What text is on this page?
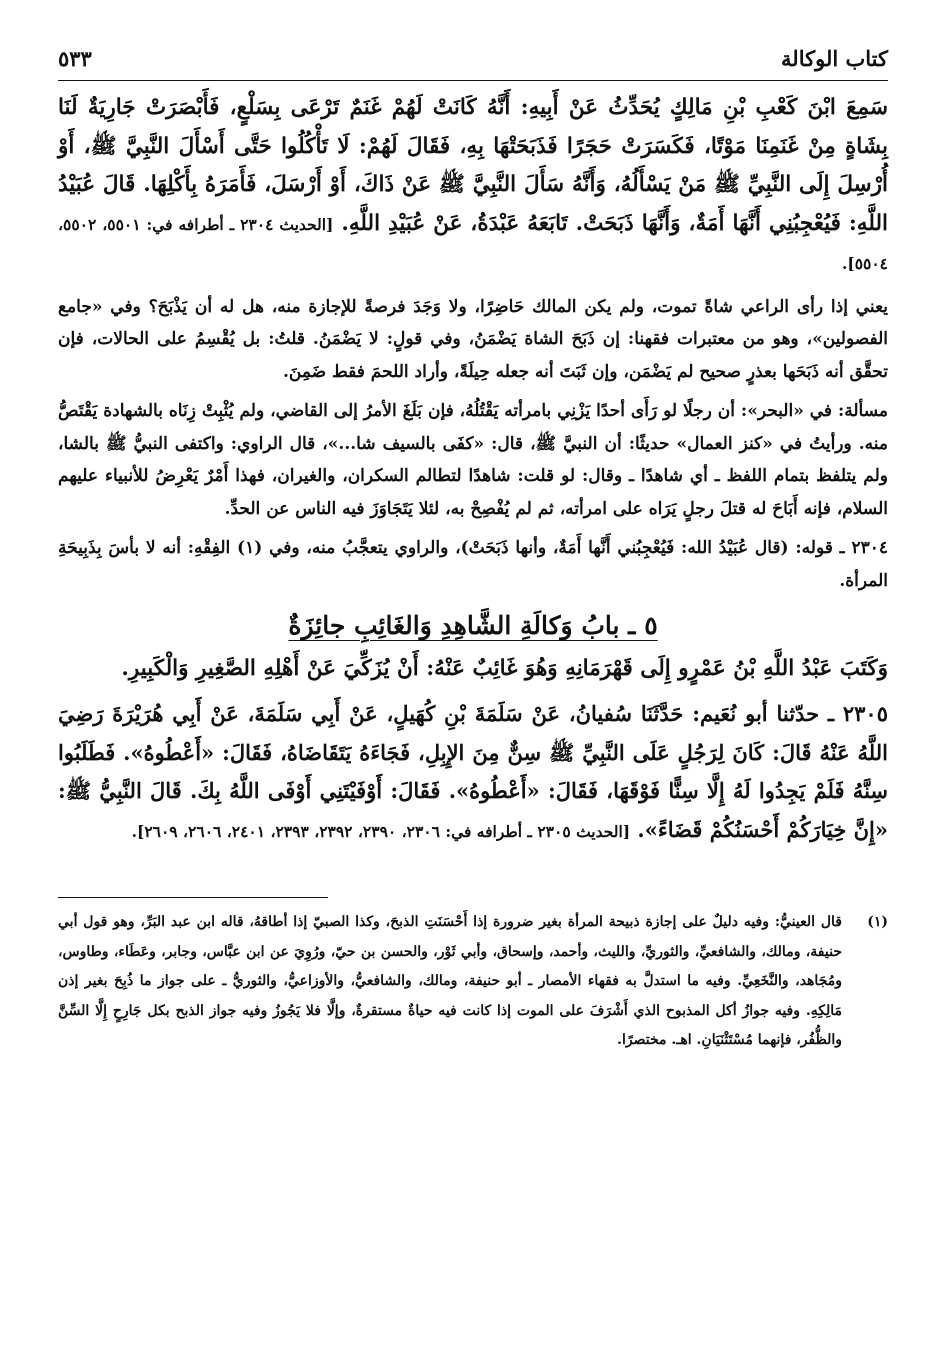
كتاب الوكالة
٥٣٣

سَمِعَ ابْنَ كَعْبِ بْنِ مَالِكٍ يُحَدِّثُ عَنْ أَبِيهِ: أَنَّهُ كَانَتْ لَهُمْ غَنَمٌ تَرْعَى بِسَلْعٍ، فَأَبْصَرَتْ جَارِيَةٌ لَنَا بِشَاةٍ مِنْ غَنَمِنَا مَوْتًا، فَكَسَرَتْ حَجَرًا فَذَبَحَتْهَا بِهِ، فَقَالَ لَهُمْ: لَا تَأْكُلُوا حَتَّى أَسْأَلَ النَّبِيَّ ﷺ، أَوْ أُرْسِلَ إِلَى النَّبِيِّ ﷺ مَنْ يَسْأَلُهُ، وَأَنَّهُ سَأَلَ النَّبِيَّ ﷺ عَنْ ذَاكَ، أَوْ أَرْسَلَ، فَأَمَرَهُ بِأَكْلِهَا. قَالَ عُبَيْدُ اللَّهِ: فَيُعْجِبُنِي أَنَّهَا أَمَةٌ، وَأَنَّهَا ذَبَحَتْ. تَابَعَهُ عَبْدَةُ، عَنْ عُبَيْدِ اللَّهِ. [الحديث ٢٣٠٤ ـ أطرافه في: ٥٥٠١، ٥٥٠٢، ٥٥٠٤].

يعني إذا رأى الراعي شاةً تموت، ولم يكن المالك حَاضِرًا، ولا وَجَدَ فرصةً للإجازة منه، هل له أن يَذْبَحَ؟ وفي «جامع الفصولين»، وهو من معتبرات فقهنا: إن ذَبَحَ الشاة يَضْمَنُ، وفي قولٍ: لا يَضْمَنُ. قلتُ: بل يُقْسِمُ على الحالات، فإن تحقَّق أنه ذَبَحَها بعذرٍ صحيح لم يَضْمَن، وإن ثَبَتَ أنه جعله حِيلَةً، وأراد اللحمَ فقط ضَمِنَ.

مسألة: في «البحر»: أن رجلًا لو رَأَى أحدًا يَزْنِي بامرأته يَقْتُلُهُ، فإن بَلَغَ الأمرُ إلى القاضي، ولم يُثْبِتْ زِنَاه بالشهادة يَقْتَصُّ منه. ورأيتُ في «كنز العمال» حديثًا: أن النبيَّ ﷺ، قال: «كفَى بالسيف شا...»، قال الراوي: واكتفى النبيُّ ﷺ بالشا، ولم يتلفظ بتمام اللفظ ـ أي شاهدًا ـ وقال: لو قلت: شاهدًا لتطالم السكران، والغيران، فهذا أَمْرٌ يَعْرِضُ للأنبياء عليهم السلام، فإنه أَبَاحَ له قتلَ رجلٍ يَرَاه على امرأته، ثم لم يُفْصِحْ به، لئلا يَتَجَاوَزَ فيه الناس عن الحدِّ.

٢٣٠٤ ـ قوله: (قال عُبَيْدُ الله: فَيُعْجِبُني أَنَّها أَمَةٌ، وأنها ذَبَحَتْ)، والراوي يتعجَّبُ منه، وفي (١) الفِقْهِ: أنه لا بأسَ بِذَبِيحَةِ المرأة.

٥ ـ بابُ وَكالَةِ الشَّاهِدِ وَالغَائِبِ جائِزَةٌ

وَكَتَبَ عَبْدُ اللَّهِ بْنُ عَمْرٍو إِلَى قَهْرَمَانِهِ وَهُوَ غَائِبٌ عَنْهُ: أَنْ يُزَكِّيَ عَنْ أَهْلِهِ الصَّغِيرِ وَالْكَبِيرِ.

٢٣٠٥ ـ حدّثنا أبو نُعَيم: حَدَّثَنَا سُفيانُ، عَنْ سَلَمَةَ بْنِ كُهَيلٍ، عَنْ أَبِي سَلَمَةَ، عَنْ أَبِي هُرَيْرَةَ رَضِيَ اللَّهُ عَنْهُ قَالَ: كَانَ لِرَجُلٍ عَلَى النَّبِيِّ ﷺ سِنٌّ مِنَ الإِبِلِ، فَجَاءَهُ يَتَقَاضَاهُ، فَقَالَ: «أَعْطُوهُ». فَطَلَبُوا سِنَّهُ فَلَمْ يَجِدُوا لَهُ إِلَّا سِنًّا فَوْقَهَا، فَقَالَ: «أَعْطُوهُ». فَقَالَ: أَوْفَيْتَنِي أَوْفَى اللَّهُ بِكَ. قَالَ النَّبِيُّ ﷺ: «إِنَّ خِيَارَكُمْ أَحْسَنُكُمْ قَضَاءً». [الحديث ٢٣٠٥ ـ أطرافه في: ٢٣٠٦، ٢٣٩٠، ٢٣٩٢، ٢٣٩٣، ٢٤٠١، ٢٦٠٦، ٢٦٠٩].

(١)
قال العينيُّ: وفيه دليلٌ على إجازة ذبيحة المرأة بغير ضرورة إذا أَحْسَنَتِ الذبحَ، وكذا الصبيّ إذا أطاقهُ، قاله ابن عبد البَرِّ، وهو قول أبي حنيفة، ومالك، والشافعيِّ، والثوريِّ، والليث، وأحمد، وإسحاق، وأبي ثَوْر، والحسن بن حيّ، ورُوِيَ عن ابن عبَّاس، وجابر، وعَطَاء، وطاوس، ومُجَاهد، والنَّخَعِيِّ. وفيه ما استدلَّ به فقهاء الأمصار ـ أبو حنيفة، ومالك، والشافعيُّ، والأوزاعيُّ، والثوريُّ ـ على جواز ما ذُبِحَ بغير إذن مَالِكِهِ. وفيه جوازُ أكل المذبوح الذي أَشْرَفَ على الموت إذا كانت فيه حياةٌ مستقرةٌ، وإلَّا فلا يَجُوزُ وفيه جواز الذبح بكل جَارِحٍ إِلَّا السِّنَّ والظُّفُر، فإنهما مُسْتَثْنَيَانِ. اهـ. مختصرًا.
